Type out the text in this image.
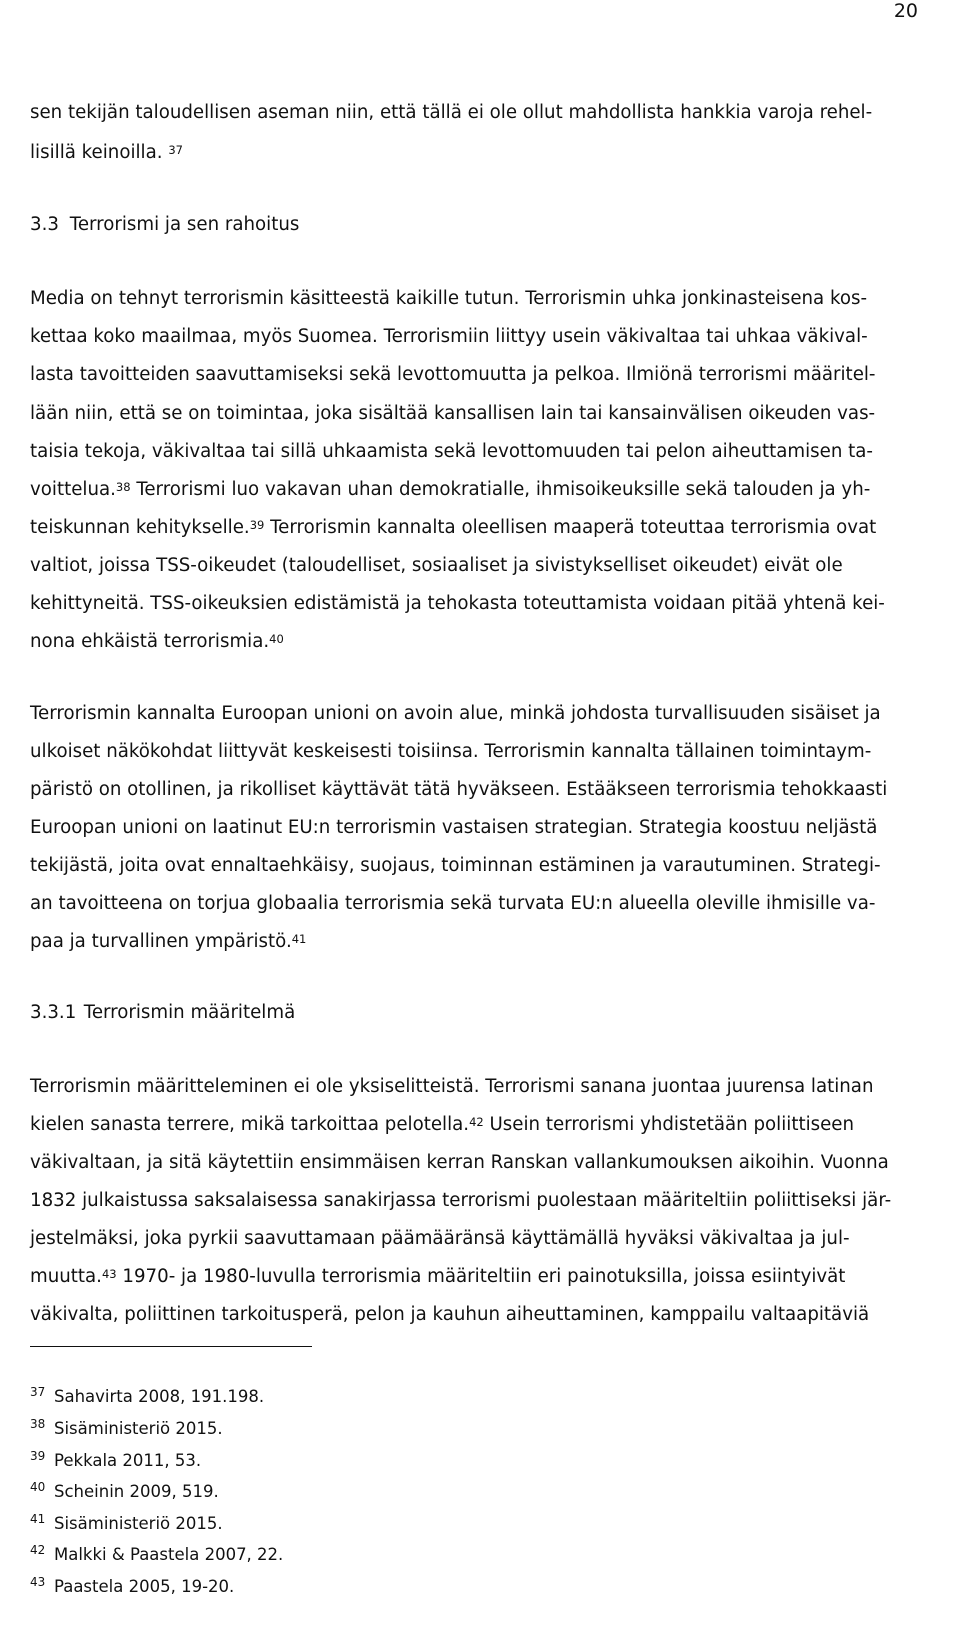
20
sen tekijän taloudellisen aseman niin, että tällä ei ole ollut mahdollista hankkia varoja rehel-
lisillä keinoilla. $^{37}$
3.3 Terrorismi ja sen rahoitus
Media on tehnyt terrorismin käsitteestä kaikille tutun. Terrorismin uhka jonkinasteisena kos-
kettaa koko maailmaa, myös Suomea. Terrorismiin liittyy usein väkivaltaa tai uhkaa väkival-
lasta tavoitteiden saavuttamiseksi sekä levottomuutta ja pelkoa. Ilmiönä terrorismi määritel-
lään niin, että se on toimintaa, joka sisältää kansallisen lain tai kansainvälisen oikeuden vas-
taisia tekoja, väkivaltaa tai sillä uhkaamista sekä levottomuuden tai pelon aiheuttamisen ta-
voittelua.$^{38}$ Terrorismi luo vakavan uhan demokratialle, ihmisoikeuksille sekä talouden ja yh-
teiskunnan kehitykselle.$^{39}$ Terrorismin kannalta oleellisen maaperä toteuttaa terrorismia ovat
valtiot, joissa TSS-oikeudet (taloudelliset, sosiaaliset ja sivistykselliset oikeudet) eivät ole
kehittyneitä. TSS-oikeuksien edistämistä ja tehokasta toteuttamista voidaan pitää yhtenä kei-
nona ehkäistä terrorismia.$^{40}$
Terrorismin kannalta Euroopan unioni on avoin alue, minkä johdosta turvallisuuden sisäiset ja
ulkoiset näkökohdat liittyvät keskeisesti toisiinsa. Terrorismin kannalta tällainen toimintaym-
päristö on otollinen, ja rikolliset käyttävät tätä hyväkseen. Estääkseen terrorismia tehokkaasti
Euroopan unioni on laatinut EU:n terrorismin vastaisen strategian. Strategia koostuu neljästä
tekijästä, joita ovat ennaltaehkäisy, suojaus, toiminnan estäminen ja varautuminen. Strategi-
an tavoitteena on torjua globaalia terrorismia sekä turvata EU:n alueella oleville ihmisille va-
paa ja turvallinen ympäristö.$^{41}$
3.3.1 Terrorismin määritelmä
Terrorismin määritteleminen ei ole yksiselitteistä. Terrorismi sanana juontaa juurensa latinan
kielen sanasta terrere, mikä tarkoittaa pelotella.$^{42}$ Usein terrorismi yhdistetään poliittiseen
väkivaltaan, ja sitä käytettiin ensimmäisen kerran Ranskan vallankumouksen aikoihin. Vuonna
1832 julkaistussa saksalaisessa sanakirjassa terrorismi puolestaan määriteltiin poliittiseksi jär-
jestelmäksi, joka pyrkii saavuttamaan päämääränsä käyttämällä hyväksi väkivaltaa ja jul-
muutta.$^{43}$ 1970- ja 1980-luvulla terrorismia määriteltiin eri painotuksilla, joissa esiintyivät
väkivalta, poliittinen tarkoitusperä, pelon ja kauhun aiheuttaminen, kamppailu valtaapitäviä
37 Sahavirta 2008, 191.198.
38 Sisäministeriö 2015.
39 Pekkala 2011, 53.
40 Scheinin 2009, 519.
41 Sisäministeriö 2015.
42 Malkki & Paastela 2007, 22.
43 Paastela 2005, 19-20.
